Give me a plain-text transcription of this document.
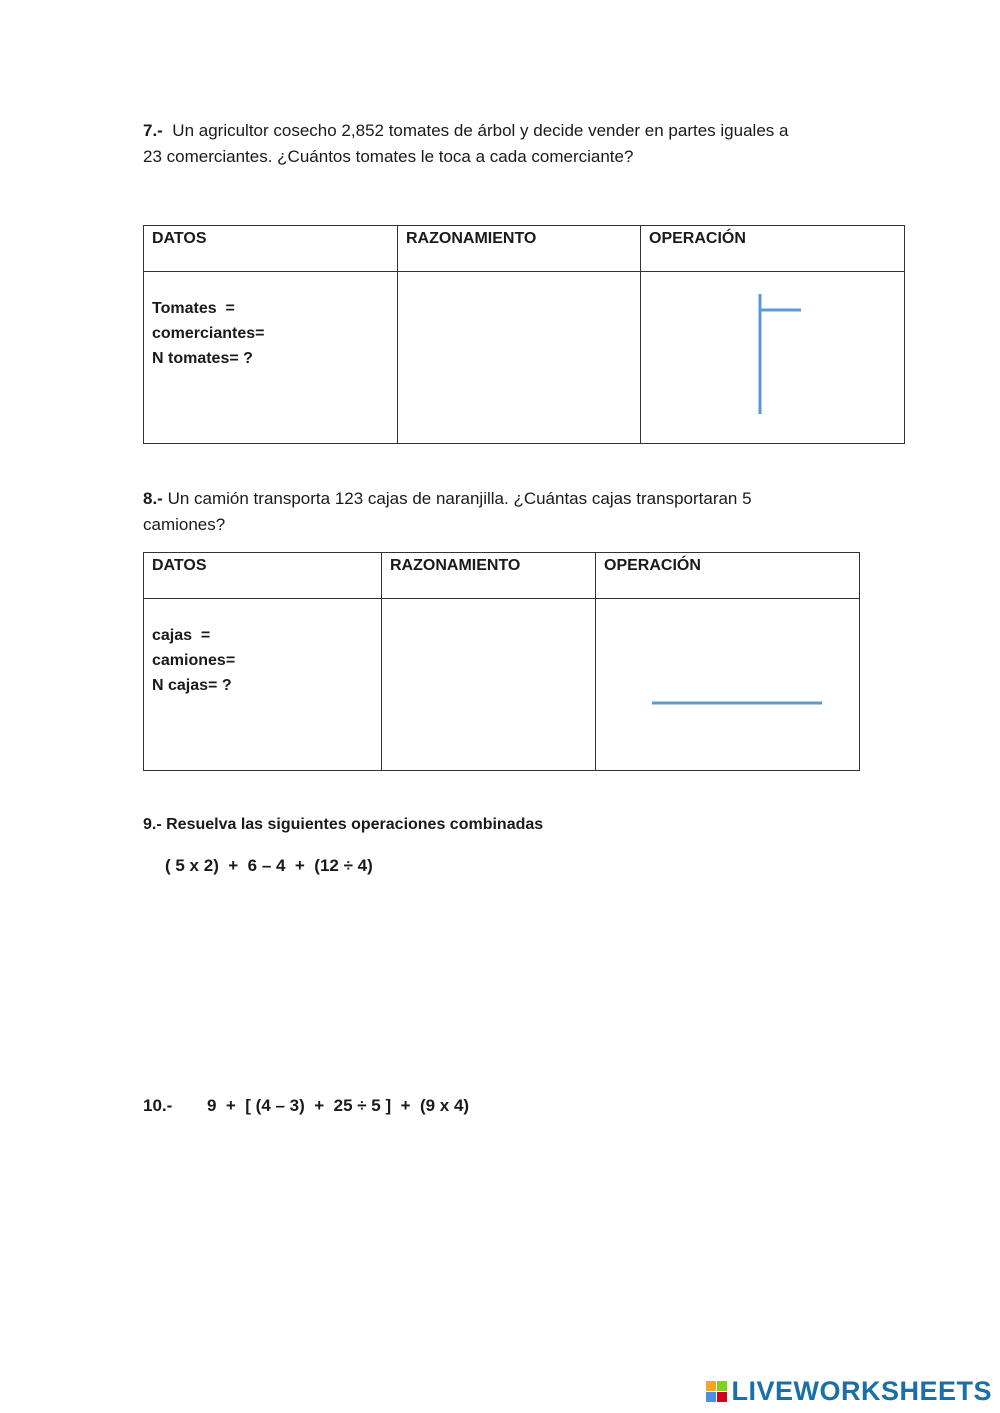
7.- Un agricultor cosecho 2,852 tomates de árbol y decide vender en partes iguales a
23 comerciantes. ¿Cuántos tomates le toca a cada comerciante?
DATOS	RAZONAMIENTO	OPERACIÓN

Tomates  =
comerciantes=
N tomates= ?

8.- Un camión transporta 123 cajas de naranjilla. ¿Cuántas cajas transportaran 5
camiones?
DATOS	RAZONAMIENTO	OPERACIÓN

cajas  =
camiones=
N cajas= ?

9.- Resuelva las siguientes operaciones combinadas
( 5 x 2)  +  6 – 4  +  (12 ÷ 4)
10.- 9  +  [ (4 – 3)  +  25 ÷ 5 ]  +  (9 x 4)
LIVEWORKSHEETS
